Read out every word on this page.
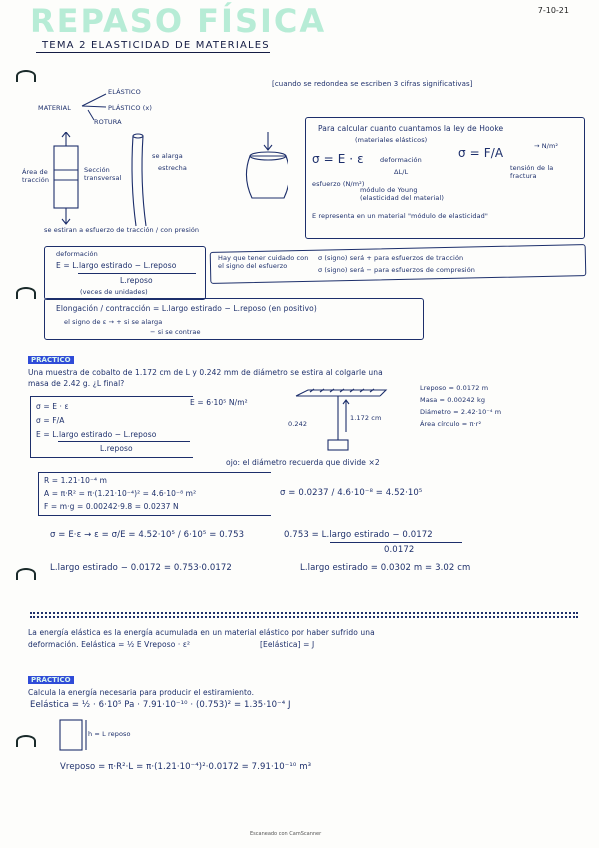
REPASO FÍSICA	7-10-21
TEMA 2 ELASTICIDAD DE MATERIALES
[cuando se redondea se escriben 3 cifras significativas]
MATERIAL
ELÁSTICO
PLÁSTICO (x)
ROTURA
Para calcular cuanto cuantamos la ley de Hooke
(materiales elásticos)
σ = E · ε	deformación
ΔL/L
σ = F/A	→ N/m²
esfuerzo (N/m²)
módulo de Young (elasticidad del material)
tensión de la fractura
E representa en un material "módulo de elasticidad"
Área de tracción
Sección transversal
se alarga
estrecha
se estiran a esfuerzo de tracción / con presión
deformación
E = L.largo estirado − L.reposo
L.reposo
(veces de unidades)
Hay que tener cuidado con el signo del esfuerzo
σ (signo) será + para esfuerzos de tracción
σ (signo) será − para esfuerzos de compresión
Elongación / contracción = L.largo estirado − L.reposo (en positivo)
el signo de ε → + si se alarga
− si se contrae
PRÁCTICO
Una muestra de cobalto de 1.172 cm de L y 0.242 mm de diámetro se estira al colgarle una
masa de 2.42 g. ¿L final?
σ = E · ε
σ = F/A
E = L.largo estirado − L.reposo
L.reposo
E = 6·10⁵ N/m²
0.242
1.172 cm
Lreposo = 0.0172 m
Masa = 0.00242 kg
Diámetro = 2.42·10⁻⁴ m
Área círculo = π·r²
ojo: el diámetro recuerda que divide ×2
R = 1.21·10⁻⁴ m
A = π·R² = π·(1.21·10⁻⁴)² = 4.6·10⁻⁸ m²
F = m·g = 0.00242·9.8 = 0.0237 N
σ = 0.0237 / 4.6·10⁻⁸ = 4.52·10⁵
σ = E·ε → ε = σ/E = 4.52·10⁵ / 6·10⁵ = 0.753	0.753 = L.largo estirado − 0.0172
0.0172
L.largo estirado − 0.0172 = 0.753·0.0172	L.largo estirado = 0.0302 m = 3.02 cm
La energía elástica es la energía acumulada en un material elástico por haber sufrido una
deformación. Eelástica = ½ E Vreposo · ε²	[Eelástica] = J
PRÁCTICO
Calcula la energía necesaria para producir el estiramiento.
Eelástica = ½ · 6·10⁵ Pa · 7.91·10⁻¹⁰ · (0.753)² = 1.35·10⁻⁴ J
h = L reposo
Vreposo = π·R²·L = π·(1.21·10⁻⁴)²·0.0172 = 7.91·10⁻¹⁰ m³
Escaneado con CamScanner
